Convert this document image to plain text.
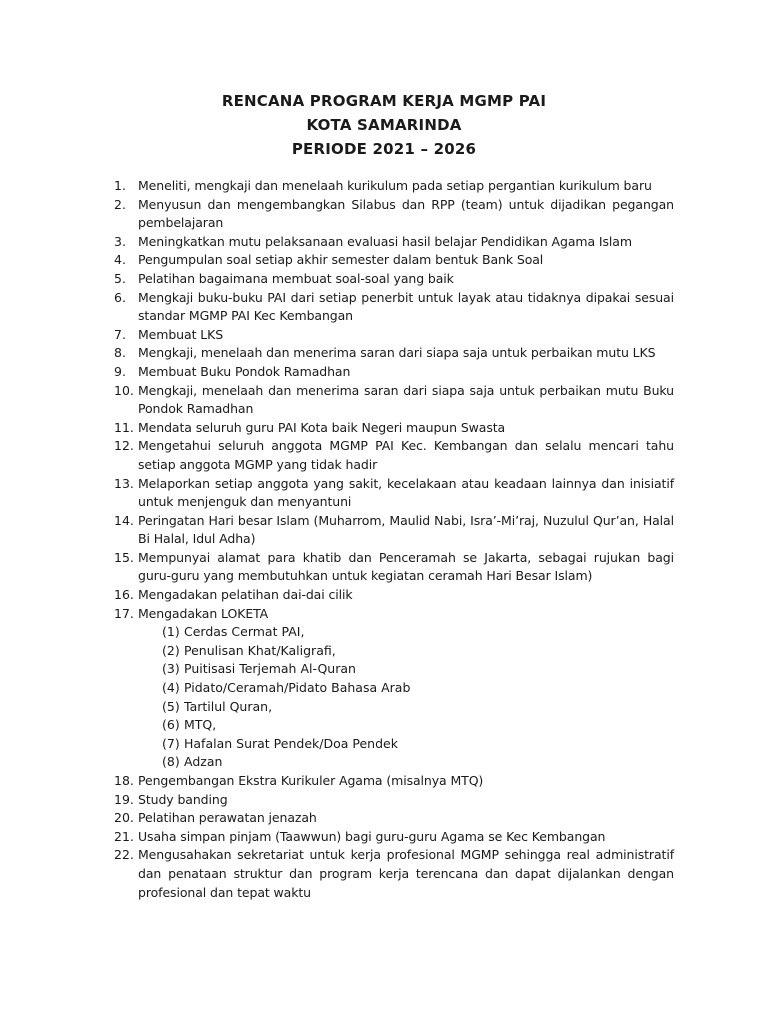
RENCANA PROGRAM KERJA MGMP PAI
KOTA SAMARINDA
PERIODE 2021 – 2026
1. Meneliti, mengkaji dan menelaah kurikulum pada setiap pergantian kurikulum baru
2. Menyusun dan mengembangkan Silabus dan RPP (team) untuk dijadikan pegangan pembelajaran
3. Meningkatkan mutu pelaksanaan evaluasi hasil belajar Pendidikan Agama Islam
4. Pengumpulan soal setiap akhir semester dalam bentuk Bank Soal
5. Pelatihan bagaimana membuat soal-soal yang baik
6. Mengkaji buku-buku PAI dari setiap penerbit untuk layak atau tidaknya dipakai sesuai standar MGMP PAI Kec Kembangan
7. Membuat LKS
8. Mengkaji, menelaah dan menerima saran dari siapa saja untuk perbaikan mutu LKS
9. Membuat Buku Pondok Ramadhan
10. Mengkaji, menelaah dan menerima saran dari siapa saja untuk perbaikan mutu Buku Pondok Ramadhan
11. Mendata seluruh guru PAI Kota baik Negeri maupun Swasta
12. Mengetahui seluruh anggota MGMP PAI Kec. Kembangan dan selalu mencari tahu setiap anggota MGMP yang tidak hadir
13. Melaporkan setiap anggota yang sakit, kecelakaan atau keadaan lainnya dan inisiatif untuk menjenguk dan menyantuni
14. Peringatan Hari besar Islam (Muharrom, Maulid Nabi, Isra’-Mi’raj, Nuzulul Qur’an, Halal Bi Halal, Idul Adha)
15. Mempunyai alamat para khatib dan Penceramah se Jakarta, sebagai rujukan bagi guru-guru yang membutuhkan untuk kegiatan ceramah Hari Besar Islam)
16. Mengadakan pelatihan dai-dai cilik
17. Mengadakan LOKETA
(1) Cerdas Cermat PAI,
(2) Penulisan Khat/Kaligrafi,
(3) Puitisasi Terjemah Al-Quran
(4) Pidato/Ceramah/Pidato Bahasa Arab
(5) Tartilul Quran,
(6) MTQ,
(7) Hafalan Surat Pendek/Doa Pendek
(8) Adzan
18. Pengembangan Ekstra Kurikuler Agama (misalnya MTQ)
19. Study banding
20. Pelatihan perawatan jenazah
21. Usaha simpan pinjam (Taawwun) bagi guru-guru Agama se Kec Kembangan
22. Mengusahakan sekretariat untuk kerja profesional MGMP sehingga real administratif dan penataan struktur dan program kerja terencana dan dapat dijalankan dengan profesional dan tepat waktu
